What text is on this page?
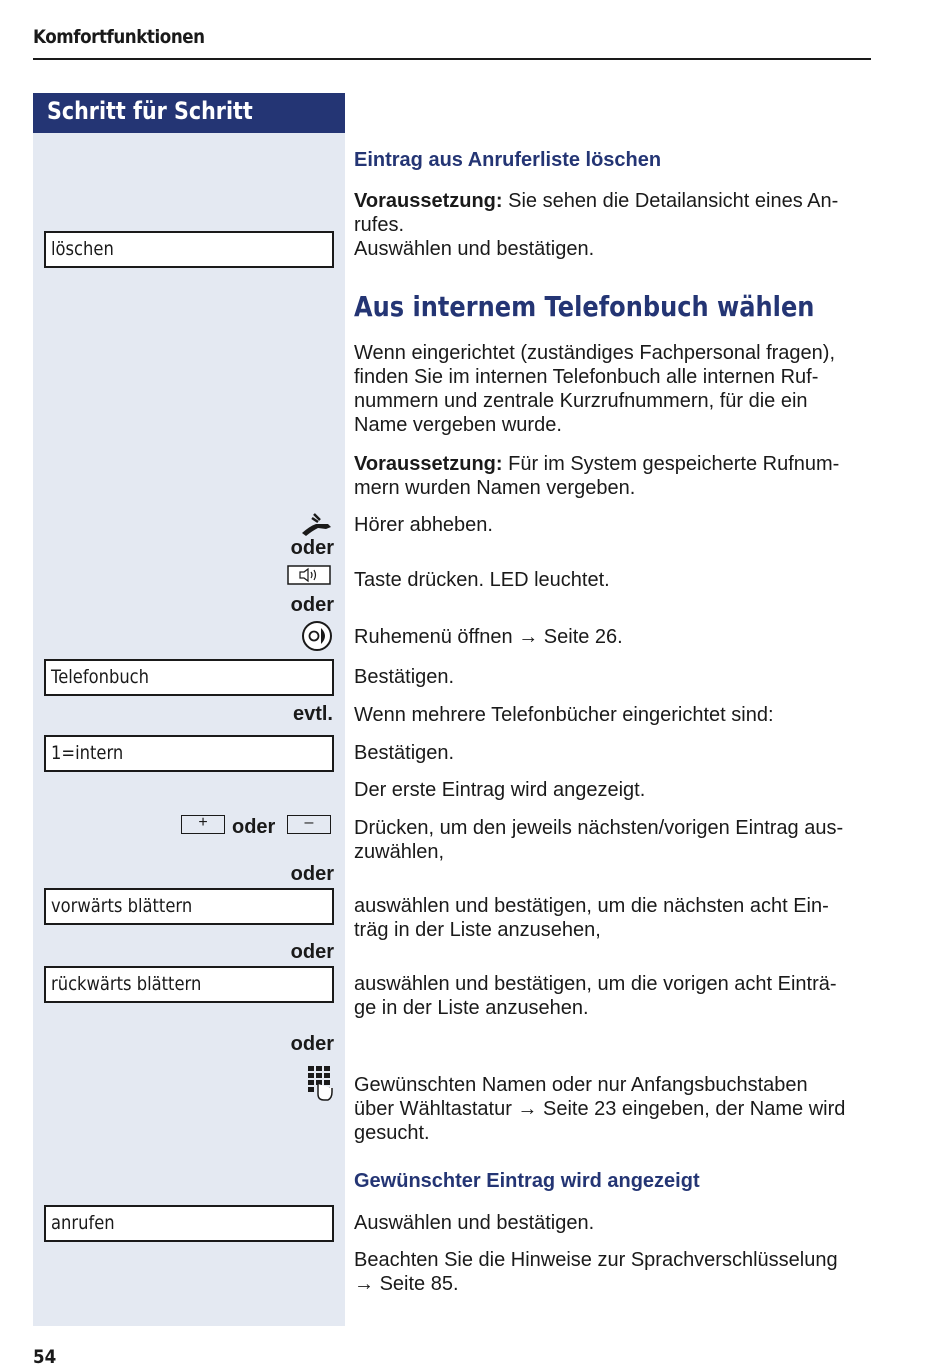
Komfortfunktionen
Schritt für Schritt
löschen
Telefonbuch
1=intern
vorwärts blättern
rückwärts blättern
anrufen
oder
oder
evtl.
oder
oder
oder
+	oder	–
Eintrag aus Anruferliste löschen
Voraussetzung: Sie sehen die Detailansicht eines An-
rufes.
Auswählen und bestätigen.
Aus internem Telefonbuch wählen
Wenn eingerichtet (zuständiges Fachpersonal fragen),
finden Sie im internen Telefonbuch alle internen Ruf-
nummern und zentrale Kurzrufnummern, für die ein
Name vergeben wurde.
Voraussetzung: Für im System gespeicherte Rufnum-
mern wurden Namen vergeben.
Hörer abheben.
Taste drücken. LED leuchtet.
Ruhemenü öffnen → Seite 26.
Bestätigen.
Wenn mehrere Telefonbücher eingerichtet sind:
Bestätigen.
Der erste Eintrag wird angezeigt.
Drücken, um den jeweils nächsten/vorigen Eintrag aus-
zuwählen,
auswählen und bestätigen, um die nächsten acht Ein-
träg in der Liste anzusehen,
auswählen und bestätigen, um die vorigen acht Einträ-
ge in der Liste anzusehen.
Gewünschten Namen oder nur Anfangsbuchstaben
über Wähltastatur → Seite 23 eingeben, der Name wird
gesucht.
Gewünschter Eintrag wird angezeigt
Auswählen und bestätigen.
Beachten Sie die Hinweise zur Sprachverschlüsselung
→ Seite 85.
54
